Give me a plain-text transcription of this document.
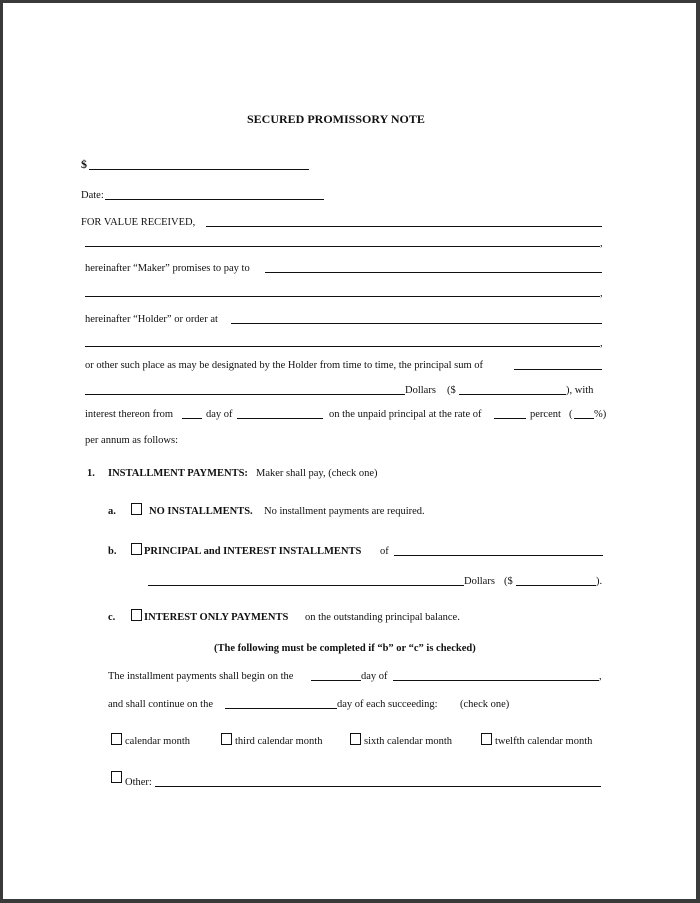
SECURED PROMISSORY NOTE
$
Date:
FOR VALUE RECEIVED,
,
hereinafter “Maker” promises to pay to
,
hereinafter “Holder” or order at
,
or other such place as may be designated by the Holder from time to time, the principal sum of
Dollars ($	), with
interest thereon from	day of	on the unpaid principal at the rate of	percent ( %)
per annum as follows:
1. INSTALLMENT PAYMENTS: Maker shall pay, (check one)
a.	NO INSTALLMENTS. No installment payments are required.
b.	PRINCIPAL and INTEREST INSTALLMENTS of
Dollars ($	).
c.	INTEREST ONLY PAYMENTS on the outstanding principal balance.
(The following must be completed if “b” or “c” is checked)
The installment payments shall begin on the	day of	,
and shall continue on the	day of each succeeding: (check one)
calendar month	third calendar month	sixth calendar month	twelfth calendar month
Other:
